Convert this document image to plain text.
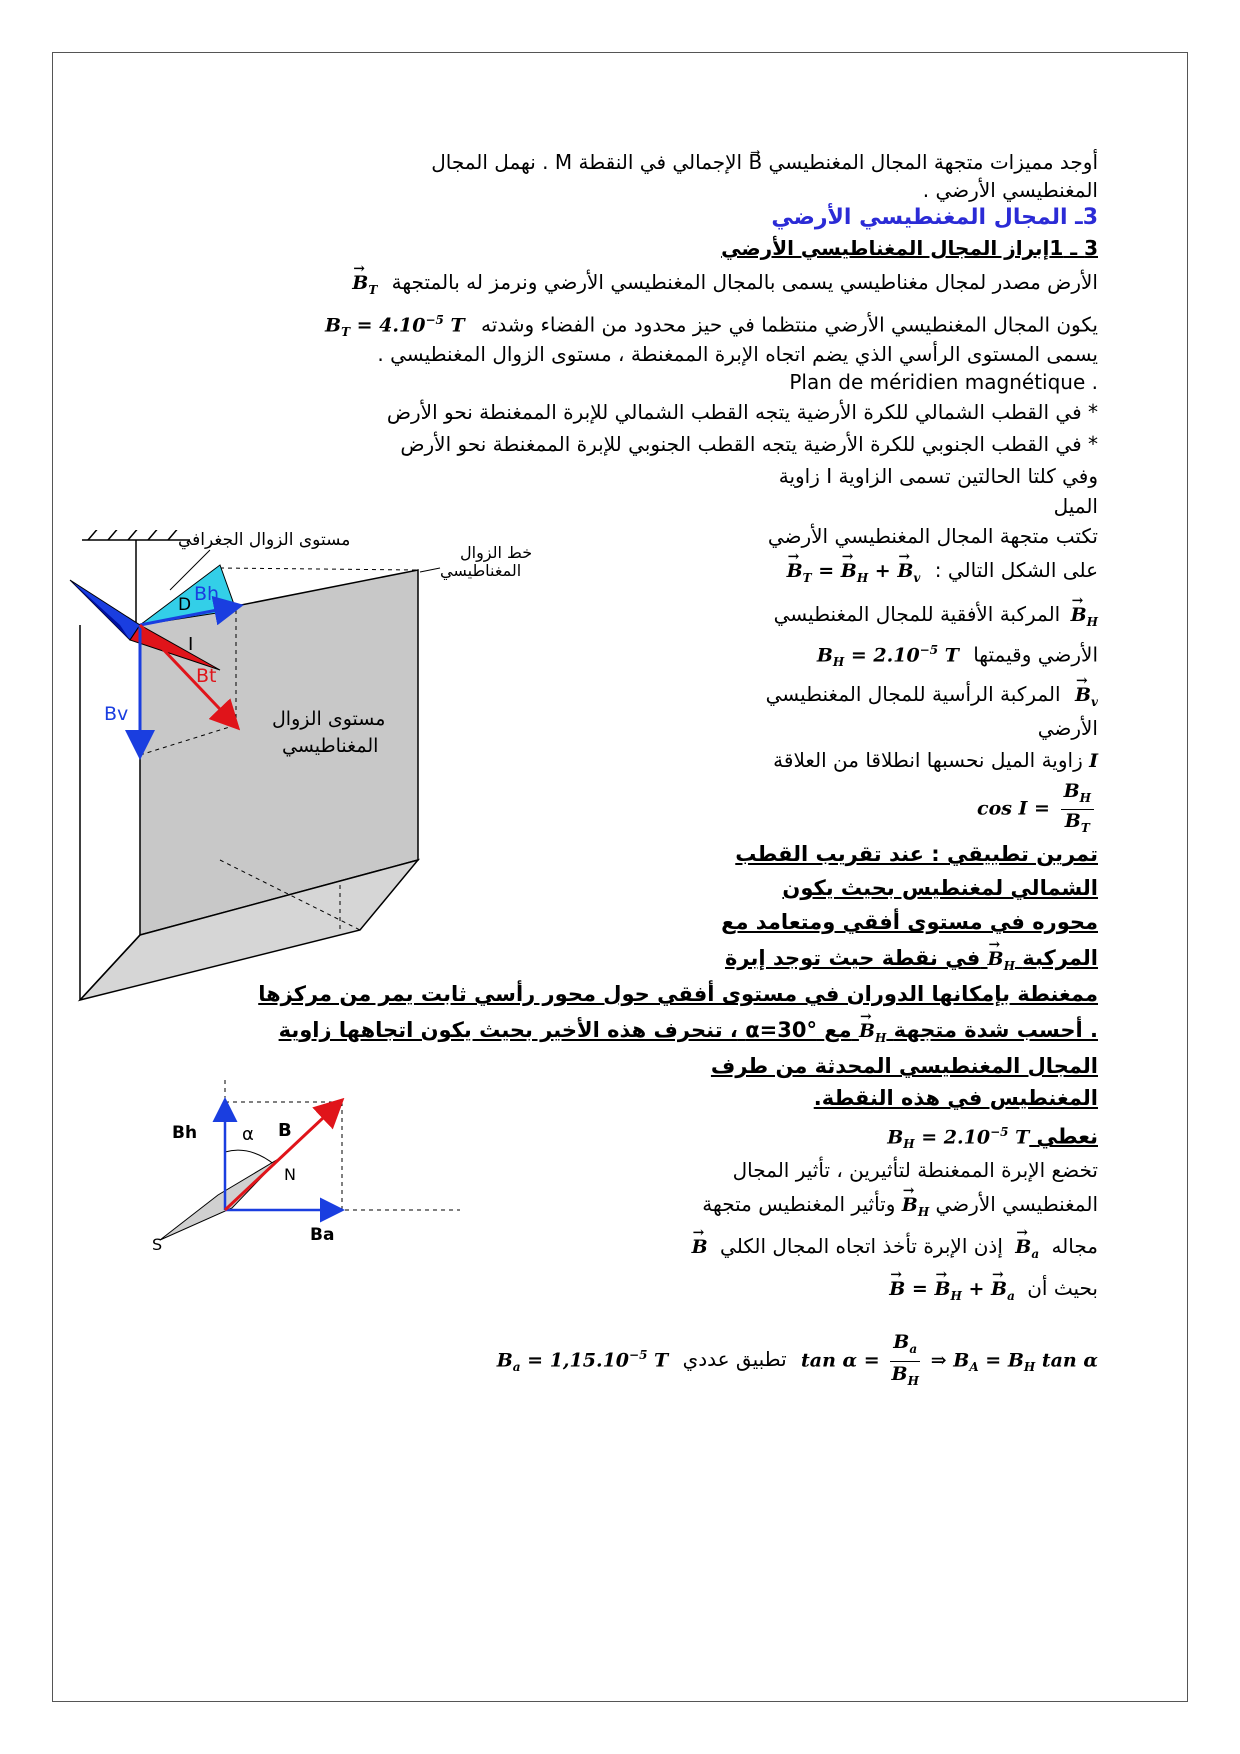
أوجد مميزات متجهة المجال المغنطيسي B⃗ الإجمالي في النقطة M . نهمل المجال
المغنطيسي الأرضي .
3ـ المجال المغنطيسي الأرضي
3 ـ 1إبراز المجال المغناطيسي الأرضي
الأرض مصدر لمجال مغناطيسي يسمى بالمجال المغنطيسي الأرضي ونرمز له بالمتجهة → $B_T$
يكون المجال المغنطيسي الأرضي منتظما في حيز محدود من الفضاء وشدته $B_T = 4.10^{-5}$ T
يسمى المستوى الرأسي الذي يضم اتجاه الإبرة الممغنطة ، مستوى الزوال المغنطيسي .
. Plan de méridien magnétique
* في القطب الشمالي للكرة الأرضية يتجه القطب الشمالي للإبرة الممغنطة نحو الأرض
* في القطب الجنوبي للكرة الأرضية يتجه القطب الجنوبي للإبرة الممغنطة نحو الأرض
وفي كلتا الحالتين تسمى الزاوية I زاوية
الميل
تكتب متجهة المجال المغنطيسي الأرضي
على الشكل التالي : → $B_T$ = → $B_H$ + → $B_v$
→ $B_H$ المركبة الأفقية للمجال المغنطيسي
الأرضي وقيمتها $B_H = 2.10^{-5}$ T
→ $B_v$ المركبة الرأسية للمجال المغنطيسي
الأرضي
I زاوية الميل نحسبها انطلاقا من العلاقة
$\cos I = \frac{B_H}{B_T}$
تمرين تطبيقي : عند تقريب القطب
الشمالي لمغنطيس بحيث يكون
محوره في مستوى أفقي ومتعامد مع
المركبة → $B_H$ في نقطة حيث توجد إبرة
ممغنطة بإمكانها الدوران في مستوى أفقي حول محور رأسي ثابت يمر من مركزها
. أحسب شدة متجهة → $B_H$ مع α=30° ، تنحرف هذه الأخير بحيث يكون اتجاهها زاوية
المجال المغنطيسي المحدثة من طرف
المغنطيس في هذه النقطة.
نعطي $B_H = 2.10^{-5}$ T
تخضع الإبرة الممغنطة لتأثيرين ، تأثير المجال
المغنطيسي الأرضي → $B_H$ وتأثير المغنطيس متجهة
مجاله → $B_a$ إذن الإبرة تأخذ اتجاه المجال الكلي → B
بحيث أن → B = → $B_H$ + → $B_a$
$\tan \alpha = \frac{B_a}{B_H}$ ⇒ $B_A = B_H$ tan α تطبيق عددي $B_a = 1,15.10^{-5}$ T
مستوى الزوال الجغرافي
خط الزوال
المغناطيسي
مستوى الزوال
المغناطيسي
Bh
D
I
Bt
Bv
Bh α B
N
S	Ba
